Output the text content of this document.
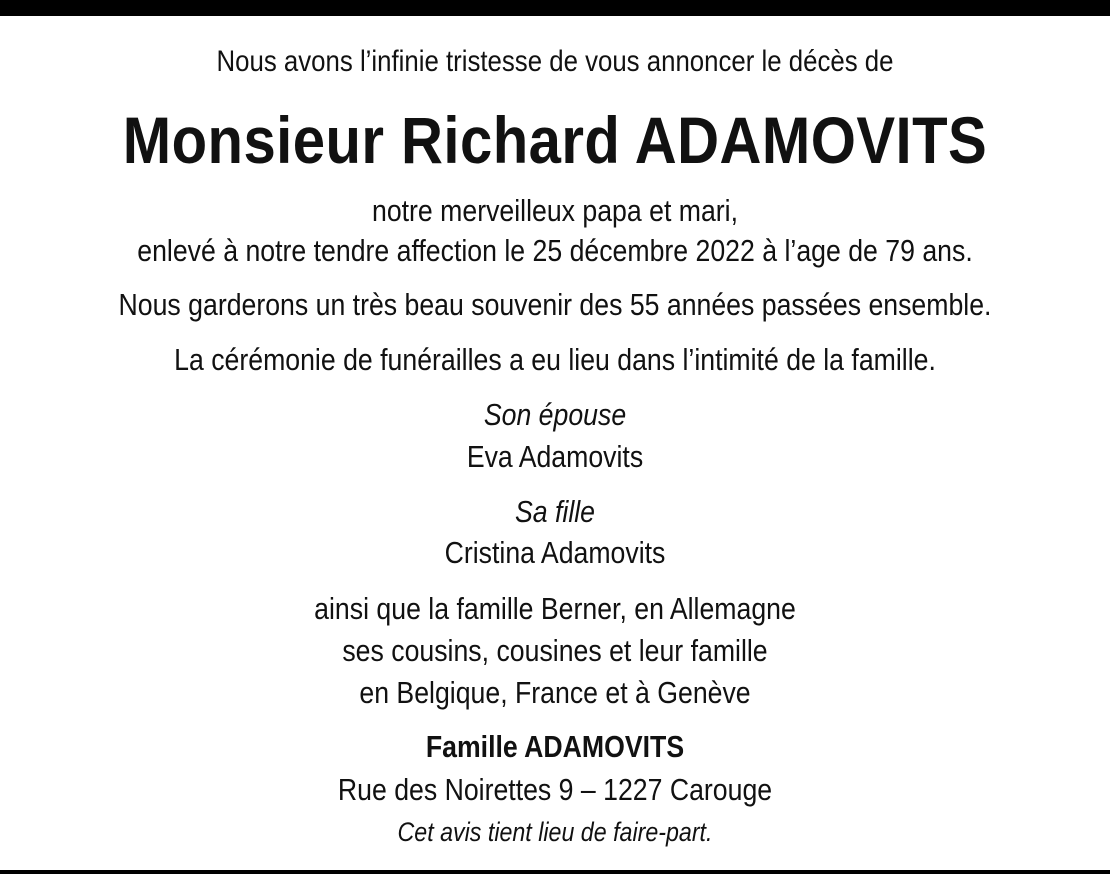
Nous avons l’infinie tristesse de vous annoncer le décès de
Monsieur Richard ADAMOVITS
notre merveilleux papa et mari,
enlevé à notre tendre affection le 25 décembre 2022 à l’age de 79 ans.
Nous garderons un très beau souvenir des 55 années passées ensemble.
La cérémonie de funérailles a eu lieu dans l’intimité de la famille.
Son épouse
Eva Adamovits
Sa fille
Cristina Adamovits
ainsi que la famille Berner, en Allemagne
ses cousins, cousines et leur famille
en Belgique, France et à Genève
Famille ADAMOVITS
Rue des Noirettes 9 – 1227 Carouge
Cet avis tient lieu de faire-part.
